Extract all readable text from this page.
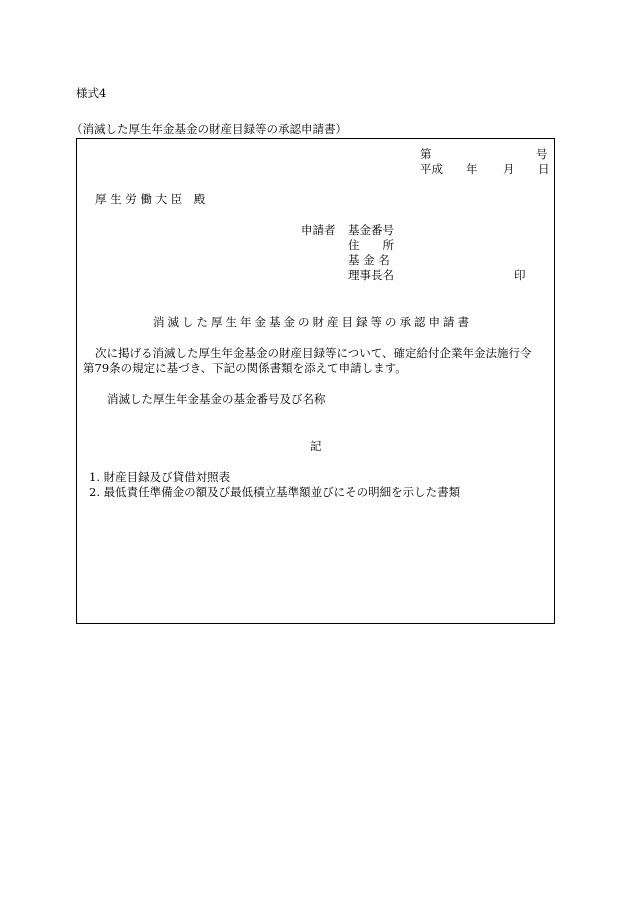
様式4
（消滅した厚生年金基金の財産目録等の承認申請書）
第	号
平成 年 月 日
厚 生 労 働 大 臣　殿
申請者 基金番号
住　　所
基 金 名
理事長名	印
消滅した厚生年金基金の財産目録等の承認申請書
次に掲げる消滅した厚生年金基金の財産目録等について、確定給付企業年金法施行令
第79条の規定に基づき、下記の関係書類を添えて申請します。
消滅した厚生年金基金の基金番号及び名称
記
1. 財産目録及び貸借対照表
2. 最低責任準備金の額及び最低積立基準額並びにその明細を示した書類
